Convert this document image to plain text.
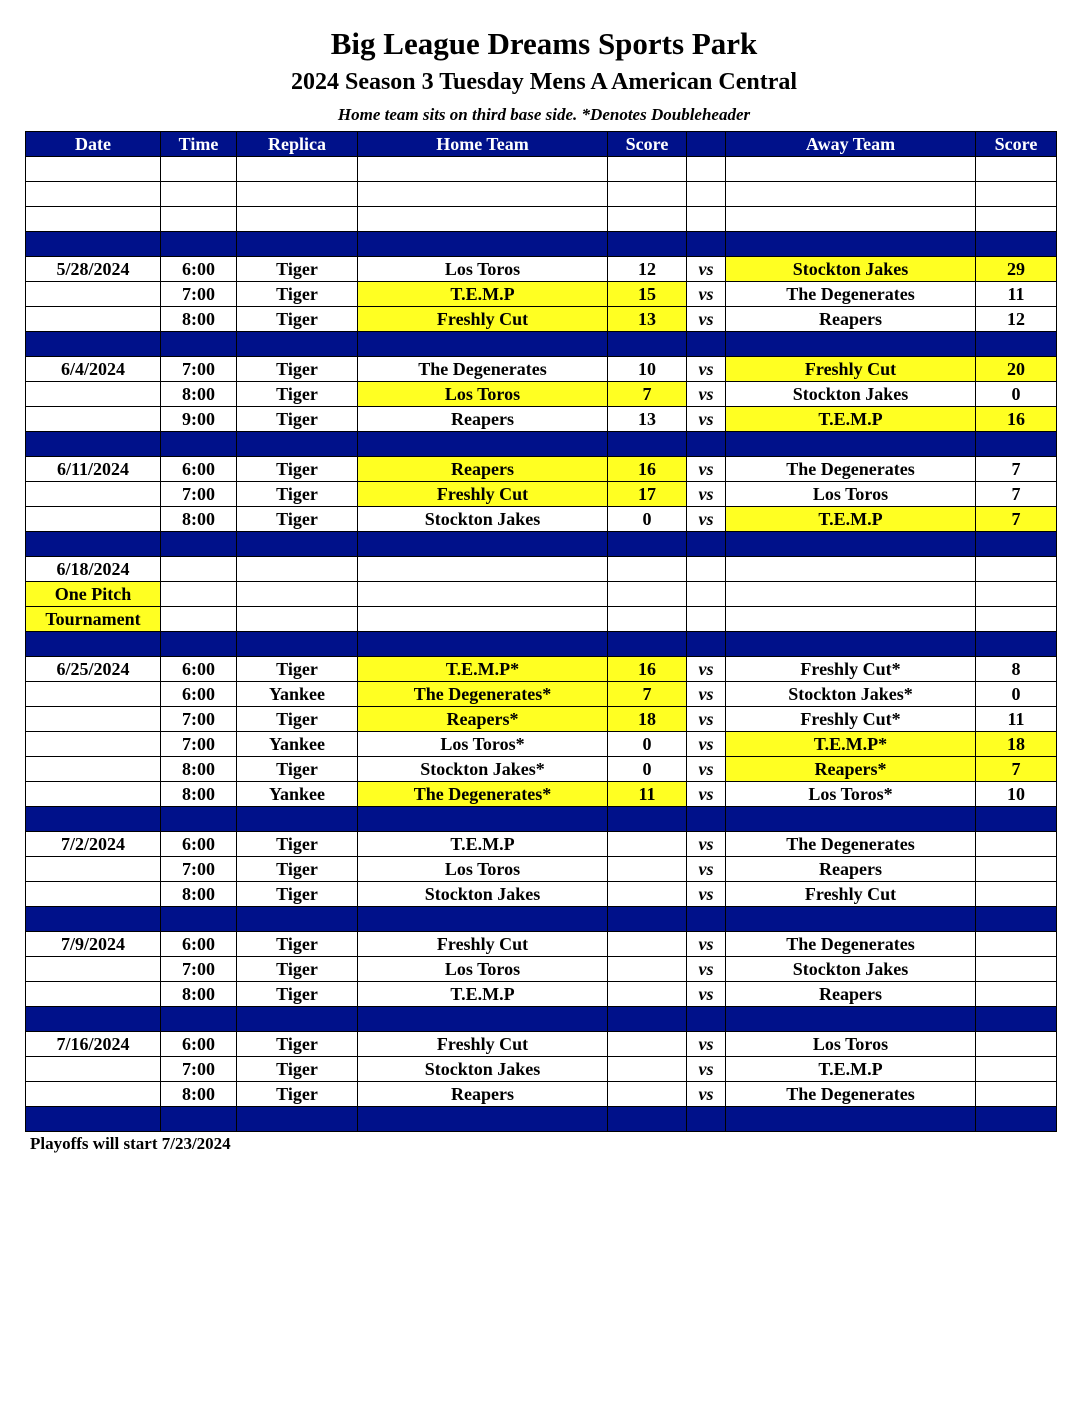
Big League Dreams Sports Park
2024 Season 3 Tuesday Mens A American Central
Home team sits on third base side. *Denotes Doubleheader
Date	Time	Replica	Home Team	Score		Away Team	Score

5/28/2024	6:00	Tiger	Los Toros	12	vs	Stockton Jakes	29
	7:00	Tiger	T.E.M.P	15	vs	The Degenerates	11
	8:00	Tiger	Freshly Cut	13	vs	Reapers	12

6/4/2024	7:00	Tiger	The Degenerates	10	vs	Freshly Cut	20
	8:00	Tiger	Los Toros	7	vs	Stockton Jakes	0
	9:00	Tiger	Reapers	13	vs	T.E.M.P	16

6/11/2024	6:00	Tiger	Reapers	16	vs	The Degenerates	7
	7:00	Tiger	Freshly Cut	17	vs	Los Toros	7
	8:00	Tiger	Stockton Jakes	0	vs	T.E.M.P	7

6/18/2024							
One Pitch							
Tournament							

6/25/2024	6:00	Tiger	T.E.M.P*	16	vs	Freshly Cut*	8
	6:00	Yankee	The Degenerates*	7	vs	Stockton Jakes*	0
	7:00	Tiger	Reapers*	18	vs	Freshly Cut*	11
	7:00	Yankee	Los Toros*	0	vs	T.E.M.P*	18
	8:00	Tiger	Stockton Jakes*	0	vs	Reapers*	7
	8:00	Yankee	The Degenerates*	11	vs	Los Toros*	10

7/2/2024	6:00	Tiger	T.E.M.P		vs	The Degenerates	
	7:00	Tiger	Los Toros		vs	Reapers	
	8:00	Tiger	Stockton Jakes		vs	Freshly Cut	

7/9/2024	6:00	Tiger	Freshly Cut		vs	The Degenerates	
	7:00	Tiger	Los Toros		vs	Stockton Jakes	
	8:00	Tiger	T.E.M.P		vs	Reapers	

7/16/2024	6:00	Tiger	Freshly Cut		vs	Los Toros	
	7:00	Tiger	Stockton Jakes		vs	T.E.M.P	
	8:00	Tiger	Reapers		vs	The Degenerates	

Playoffs will start 7/23/2024
